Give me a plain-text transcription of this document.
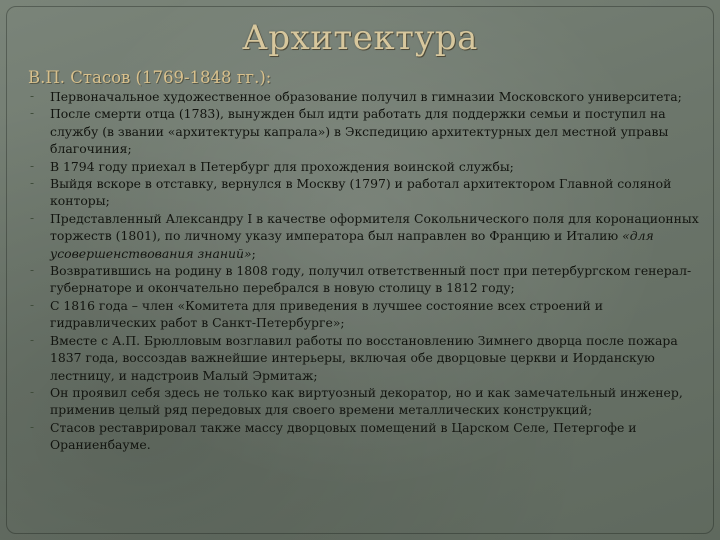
Архитектура
В.П. Стасов (1769-1848 гг.):
-	Первоначальное художественное образование получил в гимназии Московского университета;
-	После смерти отца (1783), вынужден был идти работать для поддержки семьи и поступил на службу (в звании «архитектуры капрала») в Экспедицию архитектурных дел местной управы благочиния;
-	В 1794 году приехал в Петербург для прохождения воинской службы;
-	Выйдя вскоре в отставку, вернулся в Москву (1797) и работал архитектором Главной соляной конторы;
-	Представленный Александру I в качестве оформителя Сокольнического поля для коронационных торжеств (1801), по личному указу императора был направлен во Францию и Италию «для усовершенствования знаний»;
-	Возвратившись на родину в 1808 году, получил ответственный пост при петербургском генерал-губернаторе и окончательно перебрался в новую столицу в 1812 году;
-	С 1816 года – член «Комитета для приведения в лучшее состояние всех строений и гидравлических работ в Санкт-Петербурге»;
-	Вместе с А.П. Брюлловым возглавил работы по восстановлению Зимнего дворца после пожара 1837 года, воссоздав важнейшие интерьеры, включая обе дворцовые церкви и Иорданскую лестницу, и надстроив Малый Эрмитаж;
-	Он проявил себя здесь не только как виртуозный декоратор, но и как замечательный инженер, применив целый ряд передовых для своего времени металлических конструкций;
-	Стасов реставрировал также массу дворцовых помещений в Царском Селе, Петергофе и Ораниенбауме.
